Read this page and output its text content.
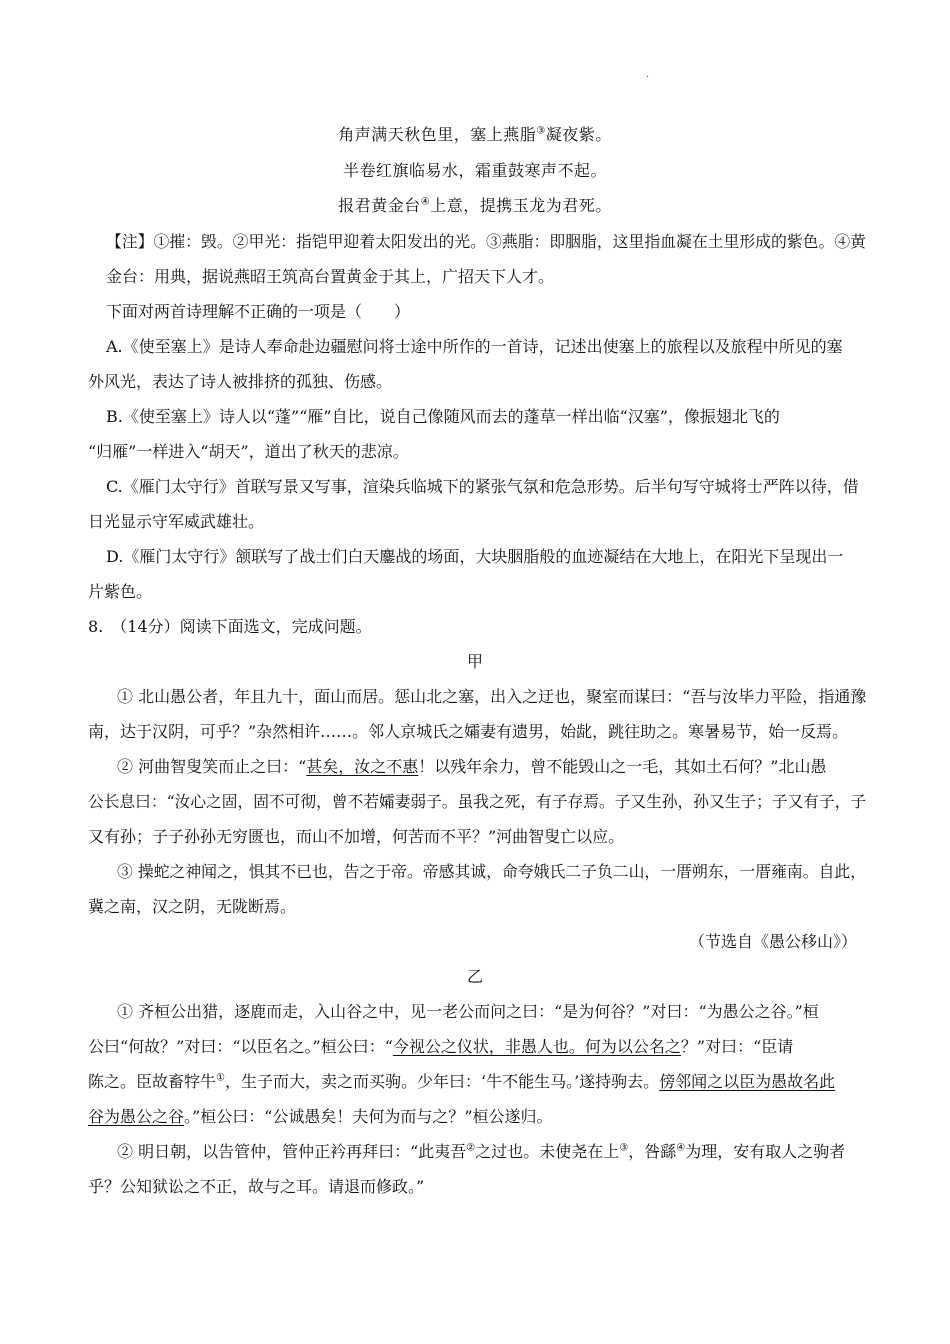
·
角声满天秋色里，塞上燕脂③凝夜紫。
半卷红旗临易水，霜重鼓寒声不起。
报君黄金台④上意，提携玉龙为君死。
【注】①摧：毁。②甲光：指铠甲迎着太阳发出的光。③燕脂：即胭脂，这里指血凝在土里形成的紫色。④黄
金台：用典，据说燕昭王筑高台置黄金于其上，广招天下人才。
下面对两首诗理解不正确的一项是（　　）
A.《使至塞上》是诗人奉命赴边疆慰问将士途中所作的一首诗，记述出使塞上的旅程以及旅程中所见的塞
外风光，表达了诗人被排挤的孤独、伤感。
B.《使至塞上》诗人以“蓬”“雁”自比，说自己像随风而去的蓬草一样出临“汉塞”，像振翅北飞的
“归雁”一样进入“胡天”，道出了秋天的悲凉。
C.《雁门太守行》首联写景又写事，渲染兵临城下的紧张气氛和危急形势。后半句写守城将士严阵以待，借
日光显示守军威武雄壮。
D.《雁门太守行》颔联写了战士们白天鏖战的场面，大块胭脂般的血迹凝结在大地上，在阳光下呈现出一
片紫色。
8.　（14分）阅读下面选文，完成问题。
甲
① 北山愚公者，年且九十，面山而居。惩山北之塞，出入之迂也，聚室而谋曰：“吾与汝毕力平险，指通豫
南，达于汉阴，可乎？”杂然相许……。邻人京城氏之孀妻有遗男，始龀，跳往助之。寒暑易节，始一反焉。
② 河曲智叟笑而止之曰：“甚矣，汝之不惠！以残年余力，曾不能毁山之一毛，其如土石何？”北山愚
公长息曰：“汝心之固，固不可彻，曾不若孀妻弱子。虽我之死，有子存焉。子又生孙，孙又生子；子又有子，子
又有孙；子子孙孙无穷匮也，而山不加增，何苦而不平？”河曲智叟亡以应。
③ 操蛇之神闻之，惧其不已也，告之于帝。帝感其诚，命夸娥氏二子负二山，一厝朔东，一厝雍南。自此，
冀之南，汉之阴，无陇断焉。
（节选自《愚公移山》）
乙
① 齐桓公出猎，逐鹿而走，入山谷之中，见一老公而问之曰：“是为何谷？”对曰：“为愚公之谷。”桓
公曰“何故？”对曰：“以臣名之。”桓公曰：“今视公之仪状，非愚人也。何为以公名之？”对曰：“臣请
陈之。臣故畜牸牛①，生子而大，卖之而买驹。少年曰：‘牛不能生马。’遂持驹去。傍邻闻之以臣为愚故名此
谷为愚公之谷。”桓公曰：“公诚愚矣！夫何为而与之？”桓公遂归。
② 明日朝，以告管仲，管仲正衿再拜曰：“此夷吾②之过也。未使尧在上③，咎繇④为理，安有取人之驹者
乎？公知狱讼之不正，故与之耳。请退而修政。”
